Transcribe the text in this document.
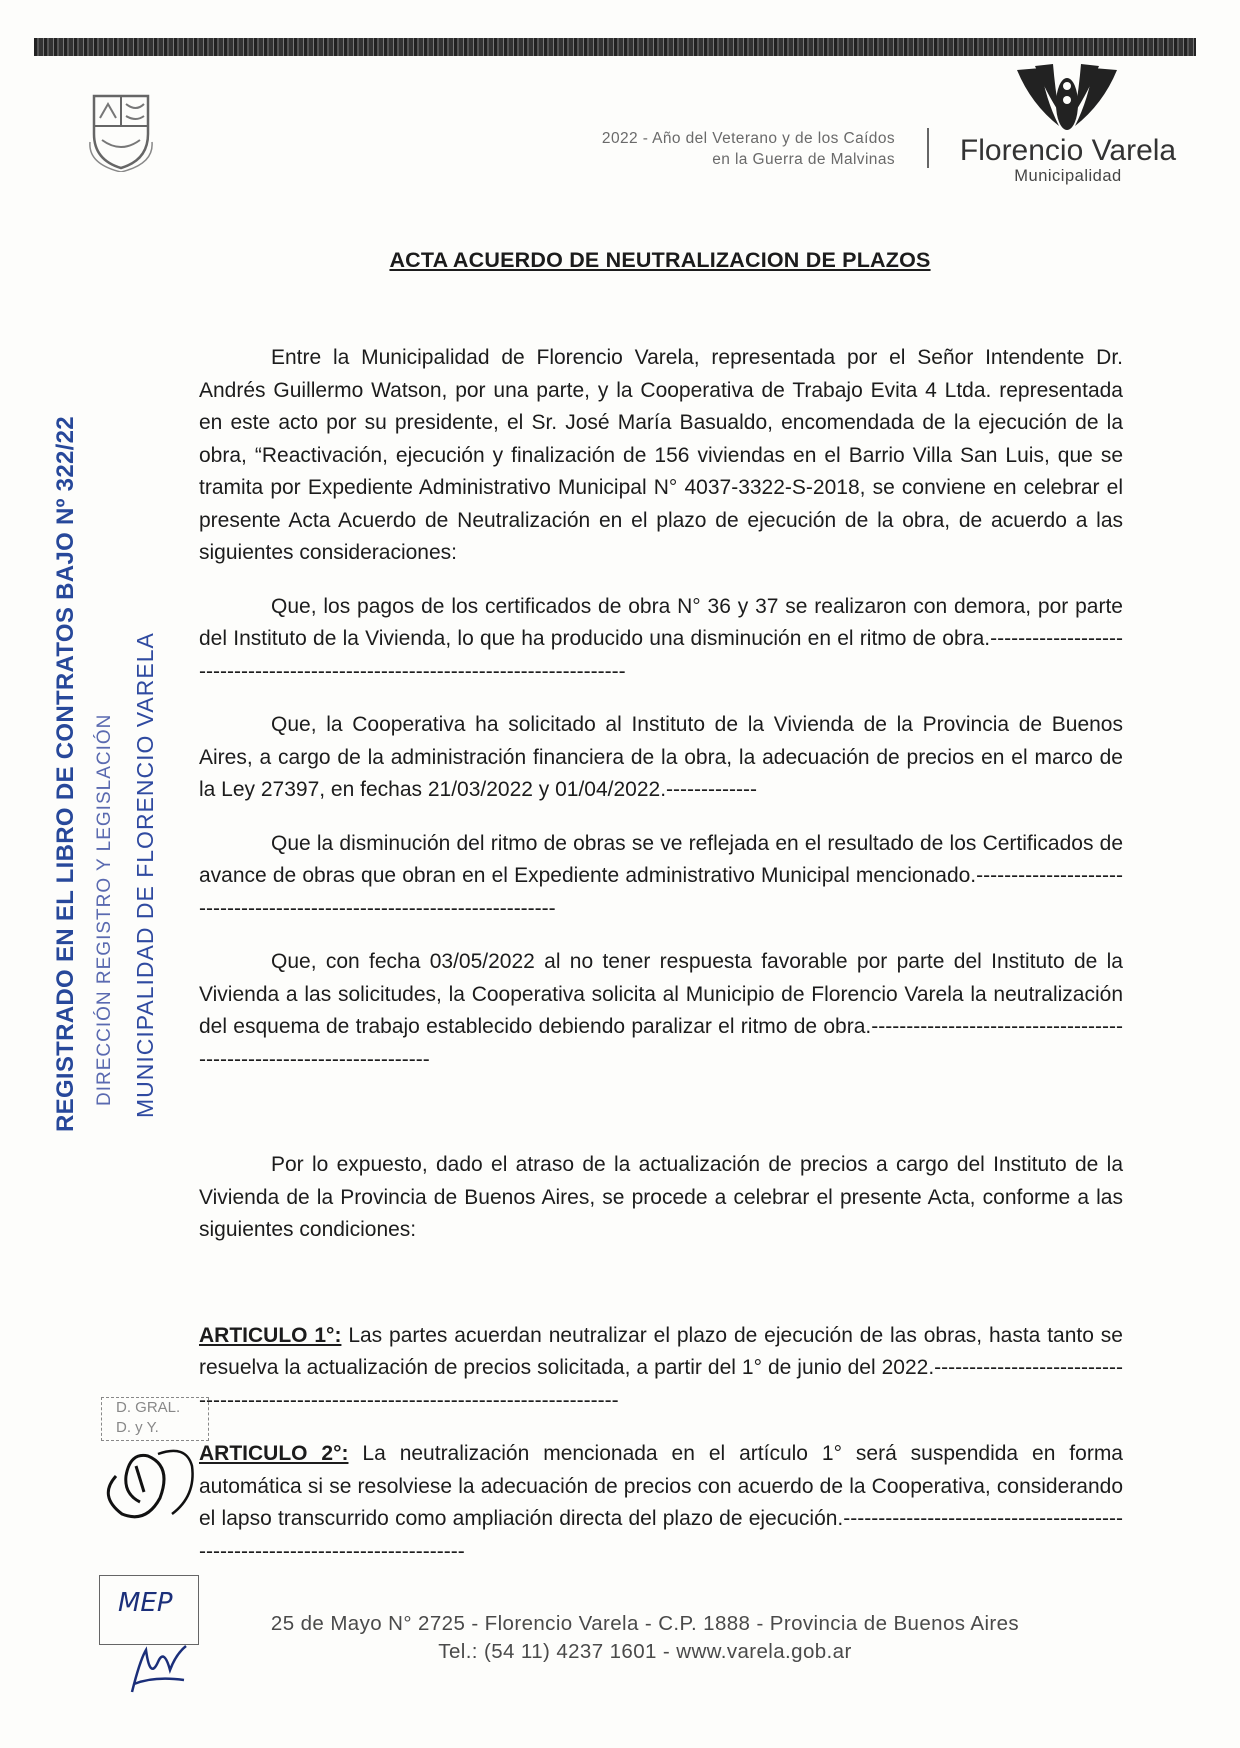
2022 - Año del Veterano y de los Caídos
en la Guerra de Malvinas Florencio Varela
Municipalidad
ACTA ACUERDO DE NEUTRALIZACION DE PLAZOS

Entre la Municipalidad de Florencio Varela, representada por el Señor Intendente Dr. Andrés Guillermo Watson, por una parte, y la Cooperativa de Trabajo Evita 4 Ltda. representada en este acto por su presidente, el Sr. José María Basualdo, encomendada de la ejecución de la obra, “Reactivación, ejecución y finalización de 156 viviendas en el Barrio Villa San Luis, que se tramita por Expediente Administrativo Municipal N° 4037-3322-S-2018, se conviene en celebrar el presente Acta Acuerdo de Neutralización en el plazo de ejecución de la obra, de acuerdo a las siguientes consideraciones:

Que, los pagos de los certificados de obra N° 36 y 37 se realizaron con demora, por parte del Instituto de la Vivienda, lo que ha producido una disminución en el ritmo de obra.--------------------------------------------------------------------------------

Que, la Cooperativa ha solicitado al Instituto de la Vivienda de la Provincia de Buenos Aires, a cargo de la administración financiera de la obra, la adecuación de precios en el marco de la Ley 27397, en fechas 21/03/2022 y 01/04/2022.-------------

Que la disminución del ritmo de obras se ve reflejada en el resultado de los Certificados de avance de obras que obran en el Expediente administrativo Municipal mencionado.------------------------------------------------------------------------

Que, con fecha 03/05/2022 al no tener respuesta favorable por parte del Instituto de la Vivienda a las solicitudes, la Cooperativa solicita al Municipio de Florencio Varela la neutralización del esquema de trabajo establecido debiendo paralizar el ritmo de obra.---------------------------------------------------------------------

Por lo expuesto, dado el atraso de la actualización de precios a cargo del Instituto de la Vivienda de la Provincia de Buenos Aires, se procede a celebrar el presente Acta, conforme a las siguientes condiciones:

ARTICULO 1°: Las partes acuerdan neutralizar el plazo de ejecución de las obras, hasta tanto se resuelva la actualización de precios solicitada, a partir del 1° de junio del 2022.---------------------------------------------------------------------------------------

ARTICULO 2°: La neutralización mencionada en el artículo 1° será suspendida en forma automática si se resolviese la adecuación de precios con acuerdo de la Cooperativa, considerando el lapso transcurrido como ampliación directa del plazo de ejecución.------------------------------------------------------------------------------

REGISTRADO EN EL LIBRO DE CONTRATOS BAJO Nº 322/22 DIRECCIÓN REGISTRO Y LEGISLACIÓN MUNICIPALIDAD DE FLORENCIO VARELA
D. GRAL.
D. y Y.
MEP
25 de Mayo N° 2725 - Florencio Varela - C.P. 1888 - Provincia de Buenos Aires
Tel.: (54 11) 4237 1601 - www.varela.gob.ar
